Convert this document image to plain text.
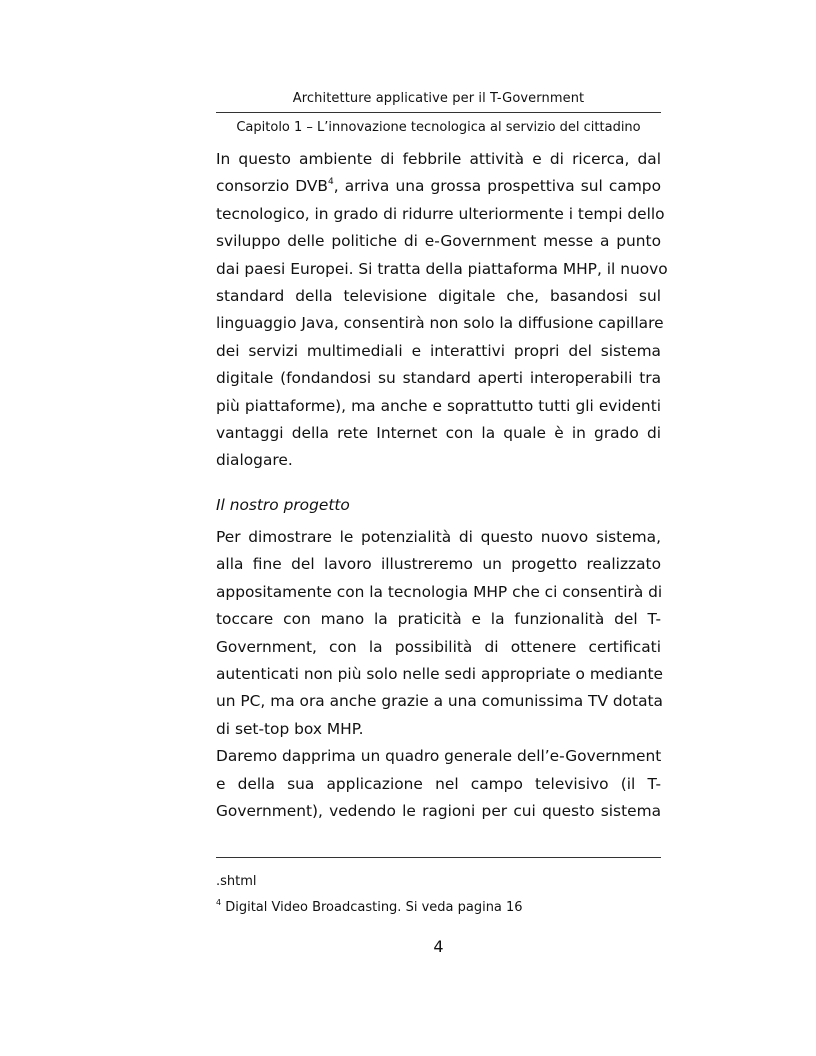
Architetture applicative per il T-Government
Capitolo 1 – L’innovazione tecnologica al servizio del cittadino
In questo ambiente di febbrile attività e di ricerca, dal
consorzio DVB$^4$, arriva una grossa prospettiva sul campo
tecnologico, in grado di ridurre ulteriormente i tempi dello
sviluppo delle politiche di e-Government messe a punto
dai paesi Europei. Si tratta della piattaforma MHP, il nuovo
standard della televisione digitale che, basandosi sul
linguaggio Java, consentirà non solo la diffusione capillare
dei servizi multimediali e interattivi propri del sistema
digitale (fondandosi su standard aperti interoperabili tra
più piattaforme), ma anche e soprattutto tutti gli evidenti
vantaggi della rete Internet con la quale è in grado di
dialogare.
Il nostro progetto
Per dimostrare le potenzialità di questo nuovo sistema,
alla fine del lavoro illustreremo un progetto realizzato
appositamente con la tecnologia MHP che ci consentirà di
toccare con mano la praticità e la funzionalità del T-
Government, con la possibilità di ottenere certificati
autenticati non più solo nelle sedi appropriate o mediante
un PC, ma ora anche grazie a una comunissima TV dotata
di set-top box MHP.
Daremo dapprima un quadro generale dell’e-Government
e della sua applicazione nel campo televisivo (il T-
Government), vedendo le ragioni per cui questo sistema
.shtml
$^4$ Digital Video Broadcasting. Si veda pagina 16
4
